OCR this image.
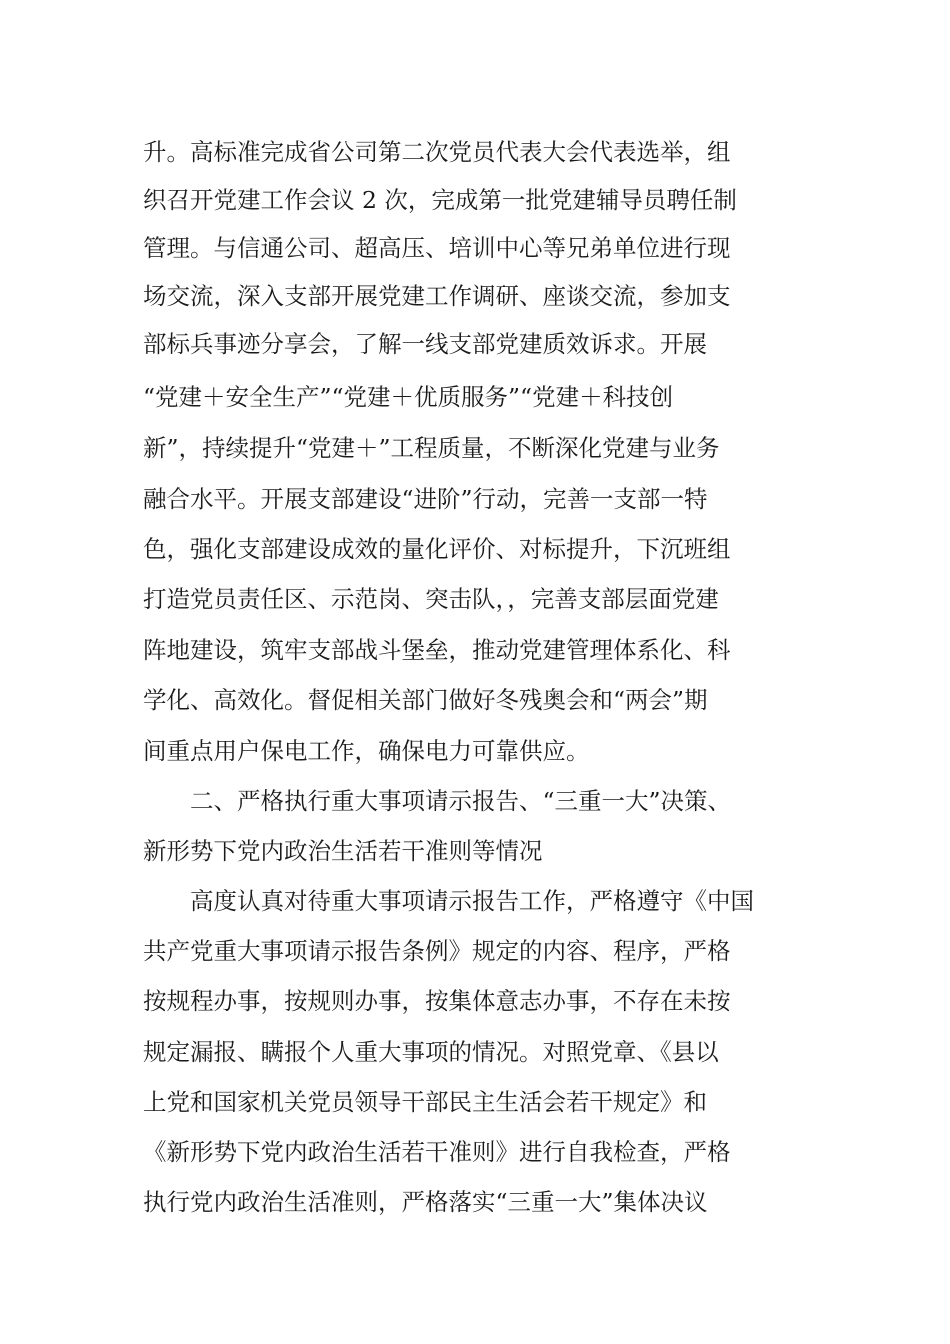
升。高标准完成省公司第二次党员代表大会代表选举，组
织召开党建工作会议 2 次，完成第一批党建辅导员聘任制
管理。与信通公司、超高压、培训中心等兄弟单位进行现
场交流，深入支部开展党建工作调研、座谈交流，参加支
部标兵事迹分享会，了解一线支部党建质效诉求。开展
“党建＋安全生产”“党建＋优质服务”“党建＋科技创
新”，持续提升“党建＋”工程质量，不断深化党建与业务
融合水平。开展支部建设“进阶”行动，完善一支部一特
色，强化支部建设成效的量化评价、对标提升，下沉班组
打造党员责任区、示范岗、突击队，，完善支部层面党建
阵地建设，筑牢支部战斗堡垒，推动党建管理体系化、科
学化、高效化。督促相关部门做好冬残奥会和“两会”期
间重点用户保电工作，确保电力可靠供应。
二、严格执行重大事项请示报告、“三重一大”决策、
新形势下党内政治生活若干准则等情况
高度认真对待重大事项请示报告工作，严格遵守《中国
共产党重大事项请示报告条例》规定的内容、程序，严格
按规程办事，按规则办事，按集体意志办事，不存在未按
规定漏报、瞒报个人重大事项的情况。对照党章、《县以
上党和国家机关党员领导干部民主生活会若干规定》和
《新形势下党内政治生活若干准则》进行自我检查，严格
执行党内政治生活准则，严格落实“三重一大”集体决议
